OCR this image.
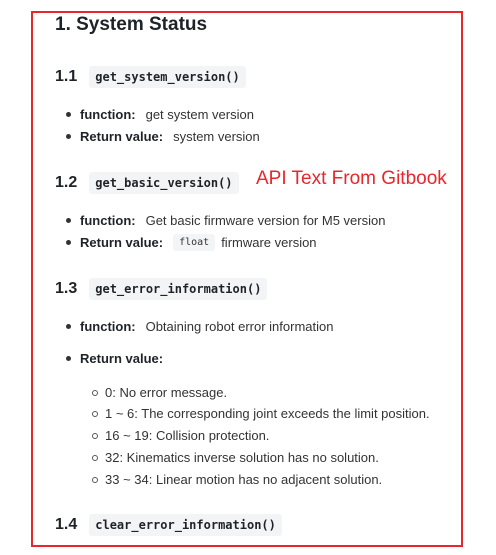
1. System Status
1.1	get_system_version()
function: get system version
Return value: system version
1.2	get_basic_version()	API Text From Gitbook
function: Get basic firmware version for M5 version
Return value:	float firmware version
1.3	get_error_information()
function: Obtaining robot error information
Return value:
0: No error message.
1 ~ 6: The corresponding joint exceeds the limit position.
16 ~ 19: Collision protection.
32: Kinematics inverse solution has no solution.
33 ~ 34: Linear motion has no adjacent solution.
1.4	clear_error_information()
